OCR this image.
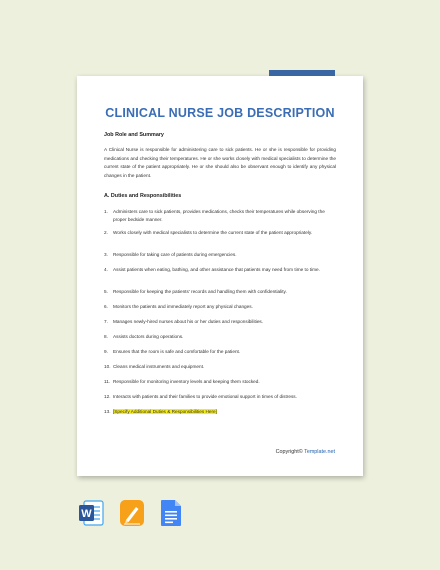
CLINICAL NURSE JOB DESCRIPTION
Job Role and Summary
A Clinical Nurse is responsible for administering care to sick patients. He or she is responsible for providing medications and checking their temperatures. He or she works closely with medical specialists to determine the current state of the patient appropriately. He or she should also be observant enough to identify any physical changes in the patient.
A. Duties and Responsibilities
1. Administers care to sick patients, provides medications, checks their temperatures while observing the proper bedside manner.
2. Works closely with medical specialists to determine the current state of the patient appropriately.
3. Responsible for taking care of patients during emergencies.
4. Assist patients when eating, bathing, and other assistance that patients may need from time to time.
5. Responsible for keeping the patients' records and handling them with confidentiality.
6. Monitors the patients and immediately report any physical changes.
7. Manages newly-hired nurses about his or her duties and responsibilities.
8. Assists doctors during operations.
9. Ensures that the room is safe and comfortable for the patient.
10. Cleans medical instruments and equipment.
11. Responsible for monitoring inventory levels and keeping them stocked.
12. Interacts with patients and their families to provide emotional support in times of distress.
13. [Specify Additional Duties & Responsibilities Here]
Copyright© Template.net
W
